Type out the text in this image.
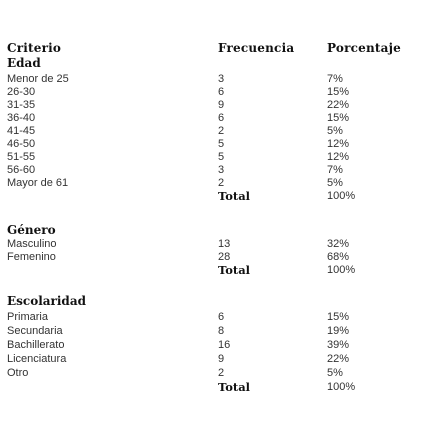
Criterio	Frecuencia	Porcentaje
Edad
Menor de 25
26-30
31-35
36-40
41-45
46-50
51-55
56-60
Mayor de 61
3
6
9
6
2
5
5
3
2
Total
7%
15%
22%
15%
5%
12%
12%
7%
5%
100%
Género
Masculino
Femenino
13
28
Total
32%
68%
100%
Escolaridad
Primaria
Secundaria
Bachillerato
Licenciatura
Otro
6
8
16
9
2
Total
15%
19%
39%
22%
5%
100%
